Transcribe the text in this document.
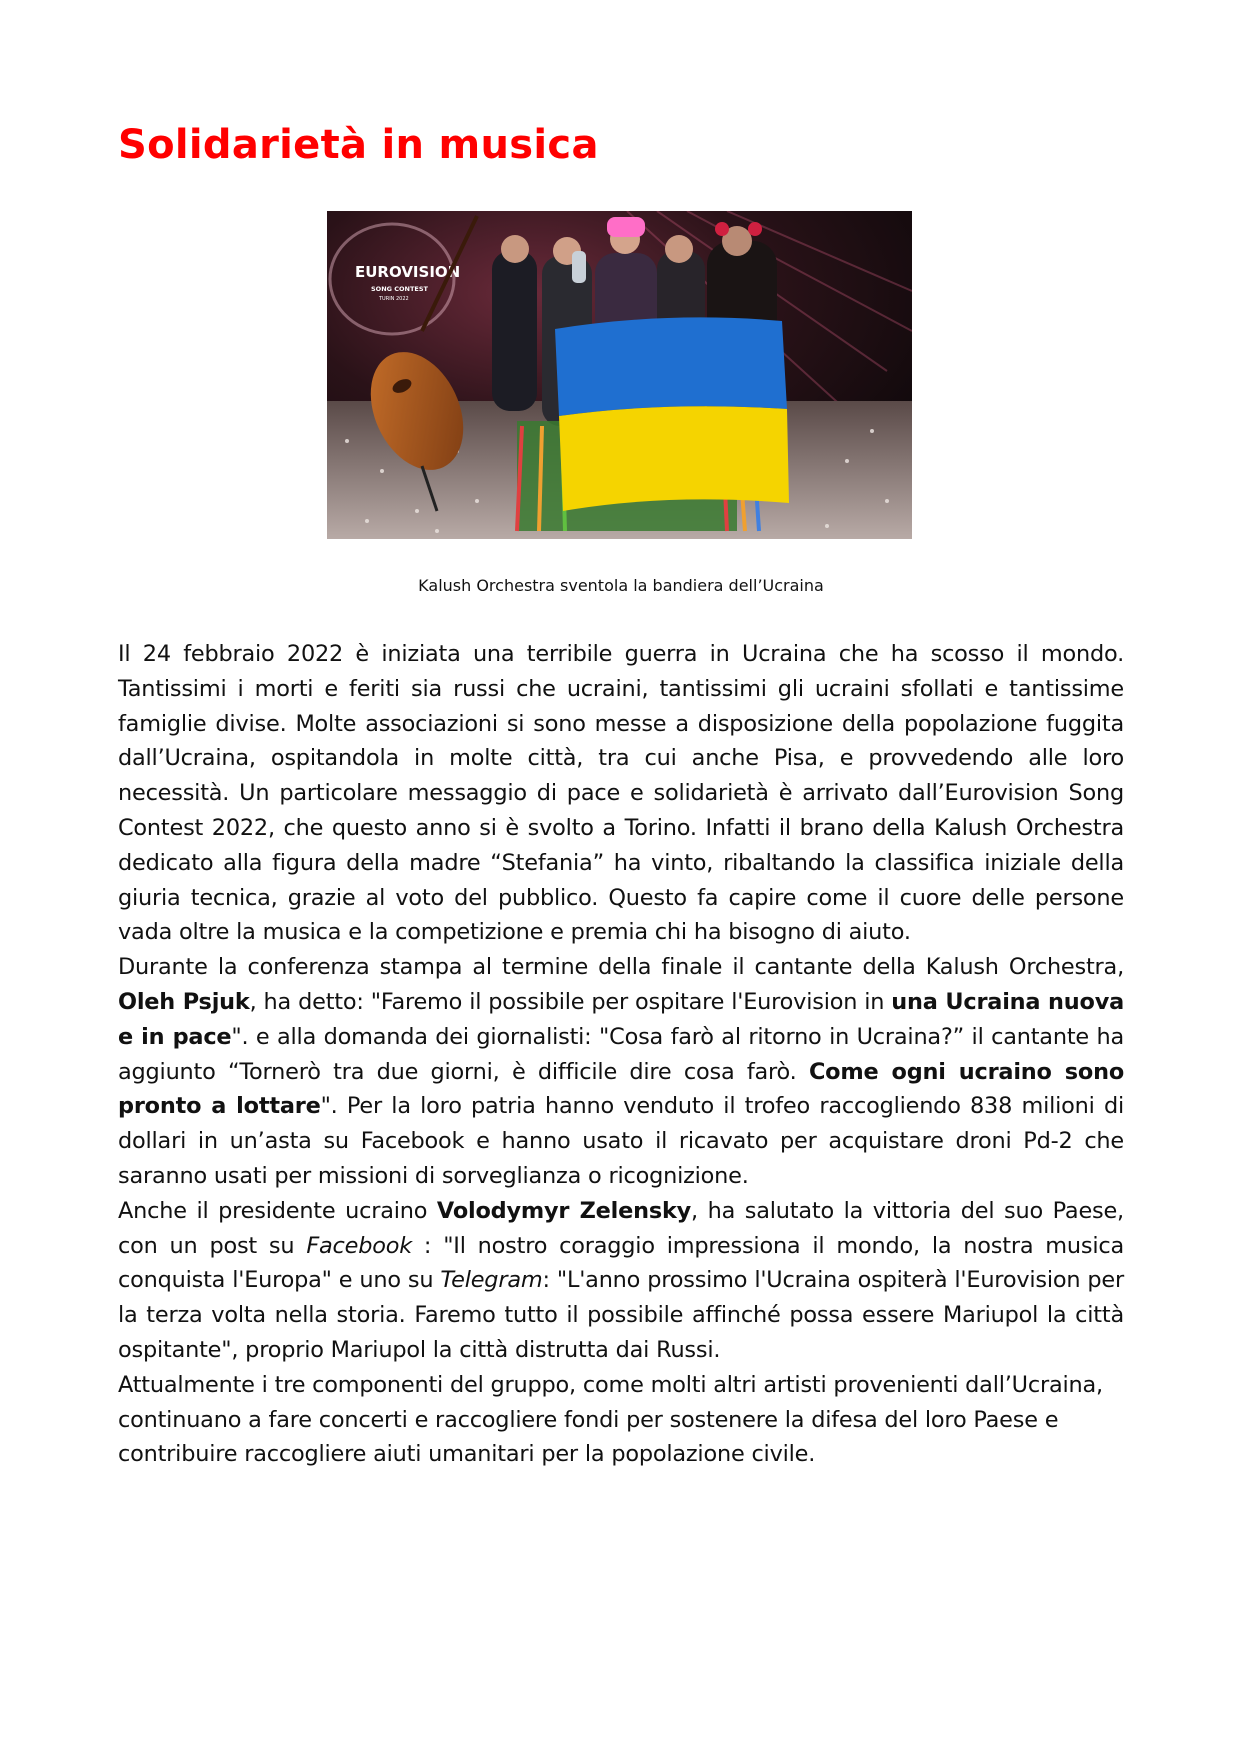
Solidarietà in musica
EUROVISION
SONG CONTEST
TURIN 2022

Kalush Orchestra sventola la bandiera dell’Ucraina

Il 24 febbraio 2022 è iniziata una terribile guerra in Ucraina che ha scosso il mondo. Tantissimi i morti e feriti sia russi che ucraini, tantissimi gli ucraini sfollati e tantissime famiglie divise. Molte associazioni si sono messe a disposizione della popolazione fuggita dall’Ucraina, ospitandola in molte città, tra cui anche Pisa, e provvedendo alle loro necessità. Un particolare messaggio di pace e solidarietà è arrivato dall’Eurovision Song Contest 2022, che questo anno si è svolto a Torino. Infatti il brano della Kalush Orchestra dedicato alla figura della madre “Stefania” ha vinto, ribaltando la classifica iniziale della giuria tecnica, grazie al voto del pubblico. Questo fa capire come il cuore delle persone vada oltre la musica e la competizione e premia chi ha bisogno di aiuto.

Durante la conferenza stampa al termine della finale il cantante della Kalush Orchestra, Oleh Psjuk, ha detto: "Faremo il possibile per ospitare l'Eurovision in una Ucraina nuova e in pace". e alla domanda dei giornalisti: "Cosa farò al ritorno in Ucraina?” il cantante ha aggiunto “Tornerò tra due giorni, è difficile dire cosa farò. Come ogni ucraino sono pronto a lottare". Per la loro patria hanno venduto il trofeo raccogliendo 838 milioni di dollari in un’asta su Facebook e hanno usato il ricavato per acquistare droni Pd-2 che saranno usati per missioni di sorveglianza o ricognizione.

Anche il presidente ucraino Volodymyr Zelensky, ha salutato la vittoria del suo Paese, con un post su Facebook : "Il nostro coraggio impressiona il mondo, la nostra musica conquista l'Europa" e uno su Telegram: "L'anno prossimo l'Ucraina ospiterà l'Eurovision per la terza volta nella storia. Faremo tutto il possibile affinché possa essere Mariupol la città ospitante", proprio Mariupol la città distrutta dai Russi.

Attualmente i tre componenti del gruppo, come molti altri artisti provenienti dall’Ucraina, continuano a fare concerti e raccogliere fondi per sostenere la difesa del loro Paese e contribuire raccogliere aiuti umanitari per la popolazione civile.
